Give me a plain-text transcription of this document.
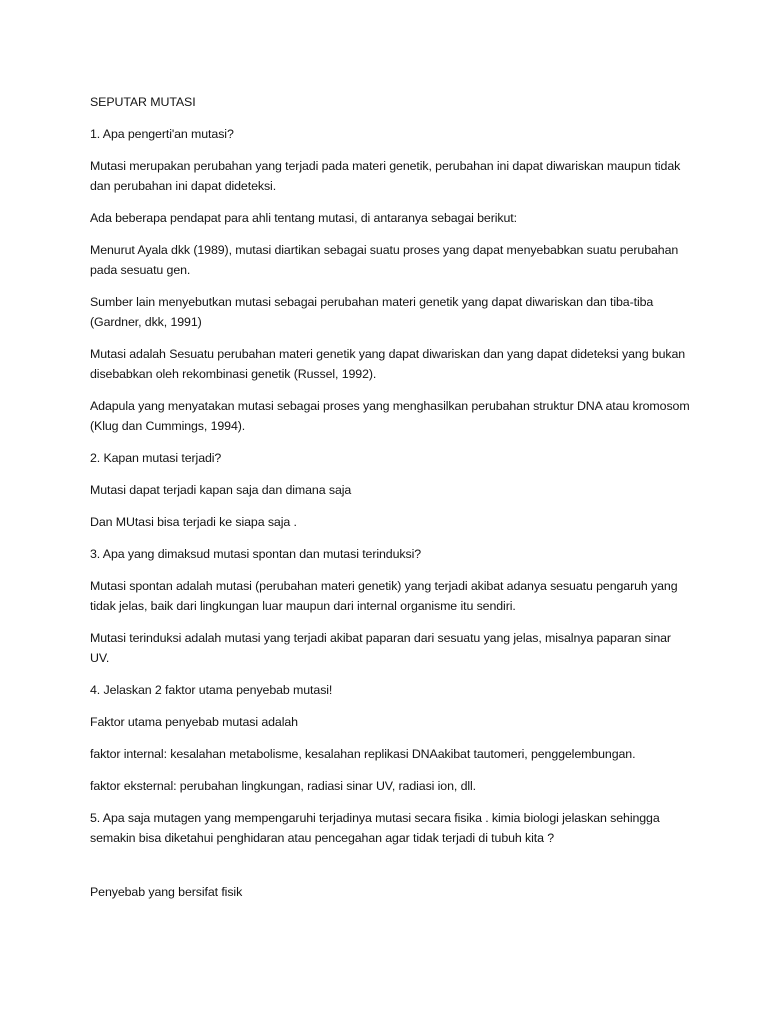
SEPUTAR MUTASI

1. Apa pengerti'an mutasi?

Mutasi merupakan perubahan yang terjadi pada materi genetik, perubahan ini dapat diwariskan maupun tidak dan perubahan ini dapat dideteksi.

Ada beberapa pendapat para ahli tentang mutasi, di antaranya sebagai berikut:

Menurut Ayala dkk (1989), mutasi diartikan sebagai suatu proses yang dapat menyebabkan suatu perubahan pada sesuatu gen.

Sumber lain menyebutkan mutasi sebagai perubahan materi genetik yang dapat diwariskan dan tiba-tiba (Gardner, dkk, 1991)

Mutasi adalah Sesuatu perubahan materi genetik yang dapat diwariskan dan yang dapat dideteksi yang bukan disebabkan oleh rekombinasi genetik (Russel, 1992).

Adapula yang menyatakan mutasi sebagai proses yang menghasilkan perubahan struktur DNA atau kromosom (Klug dan Cummings, 1994).

2. Kapan mutasi terjadi?

Mutasi dapat terjadi kapan saja dan dimana saja

Dan MUtasi bisa terjadi ke siapa saja .

3. Apa yang dimaksud mutasi spontan dan mutasi terinduksi?

Mutasi spontan adalah mutasi (perubahan materi genetik) yang terjadi akibat adanya sesuatu pengaruh yang tidak jelas, baik dari lingkungan luar maupun dari internal organisme itu sendiri.

Mutasi terinduksi adalah mutasi yang terjadi akibat paparan dari sesuatu yang jelas, misalnya paparan sinar UV.

4. Jelaskan 2 faktor utama penyebab mutasi!

Faktor utama penyebab mutasi adalah

faktor internal: kesalahan metabolisme, kesalahan replikasi DNAakibat tautomeri, penggelembungan.

faktor eksternal: perubahan lingkungan, radiasi sinar UV, radiasi ion, dll.

5. Apa saja mutagen yang mempengaruhi terjadinya mutasi secara fisika . kimia biologi jelaskan sehingga semakin bisa diketahui penghidaran atau pencegahan agar tidak terjadi di tubuh kita ?

Penyebab yang bersifat fisik
